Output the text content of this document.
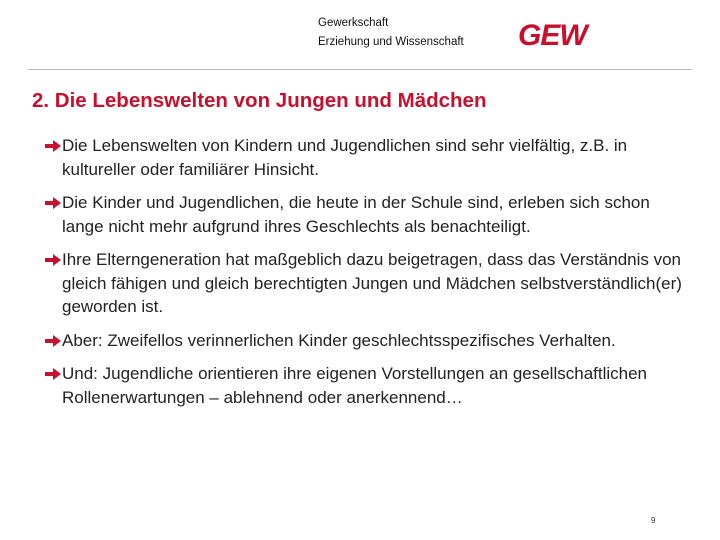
Gewerkschaft
Erziehung und Wissenschaft GEW
2. Die Lebenswelten von Jungen und Mädchen
Die Lebenswelten von Kindern und Jugendlichen sind sehr vielfältig, z.B. in kultureller oder familiärer Hinsicht.
Die Kinder und Jugendlichen, die heute in der Schule sind, erleben sich schon lange nicht mehr aufgrund ihres Geschlechts als benachteiligt.
Ihre Elterngeneration hat maßgeblich dazu beigetragen, dass das Verständnis von gleich fähigen und gleich berechtigten Jungen und Mädchen selbstverständlich(er) geworden ist.
Aber: Zweifellos verinnerlichen Kinder geschlechtsspezifisches Verhalten.
Und: Jugendliche orientieren ihre eigenen Vorstellungen an gesellschaftlichen Rollenerwartungen – ablehnend oder anerkennend…
9
